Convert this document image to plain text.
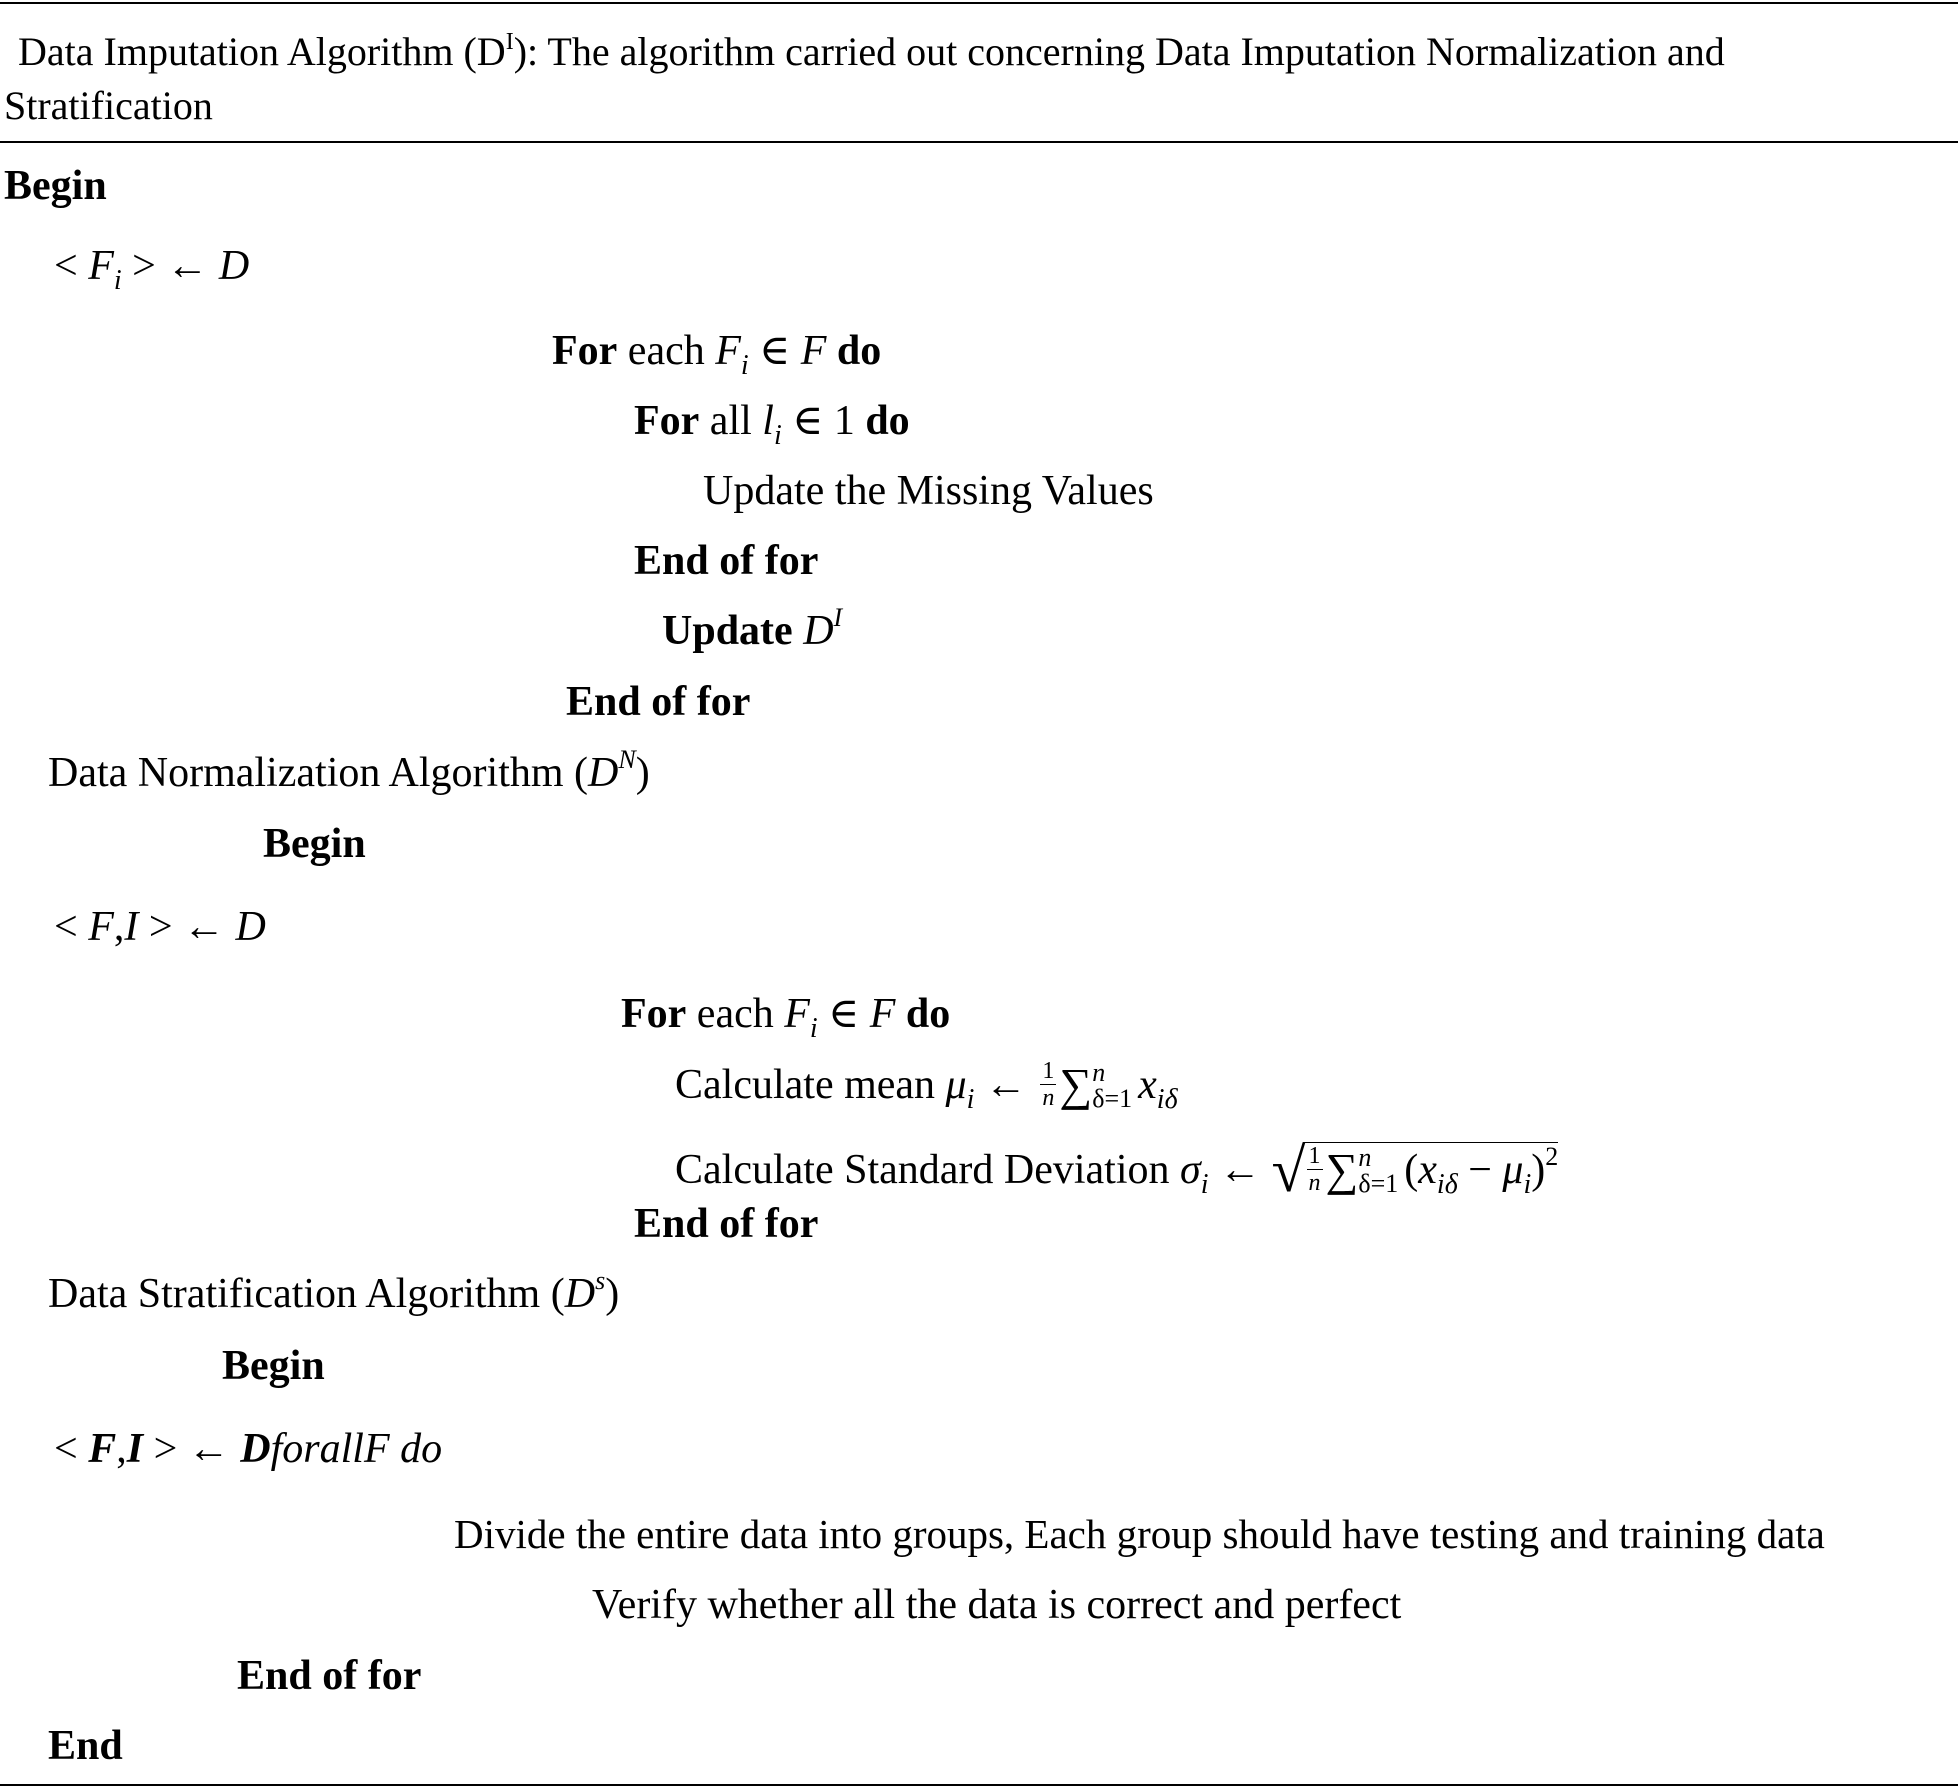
Data Imputation Algorithm $(D^I)$: The algorithm carried out concerning Data Imputation Normalization and
Stratification
Begin
< $F_i$ > ← D
For each $F_i$ ∈ F do
For all $l_i$ ∈ 1 do
Update the Missing Values
End of for
Update $D^I$
End of for
Data Normalization Algorithm $(D^N)$
Begin
< F,I > ← D
For each $F_i$ ∈ F do
Calculate mean $\mu_i$ ← $\frac{1}{n}$ ∑ n
δ=1 $x_{i\delta}$
Calculate Standard Deviation $\sigma_i$ ← √ $\frac{1}{n}$ ∑ n
δ=1 $(x_{i\delta} - \mu_i)^2$
End of for
Data Stratification Algorithm $(D^s)$
Begin
< F,I > ← DforallF do
Divide the entire data into groups, Each group should have testing and training data
Verify whether all the data is correct and perfect
End of for
End
